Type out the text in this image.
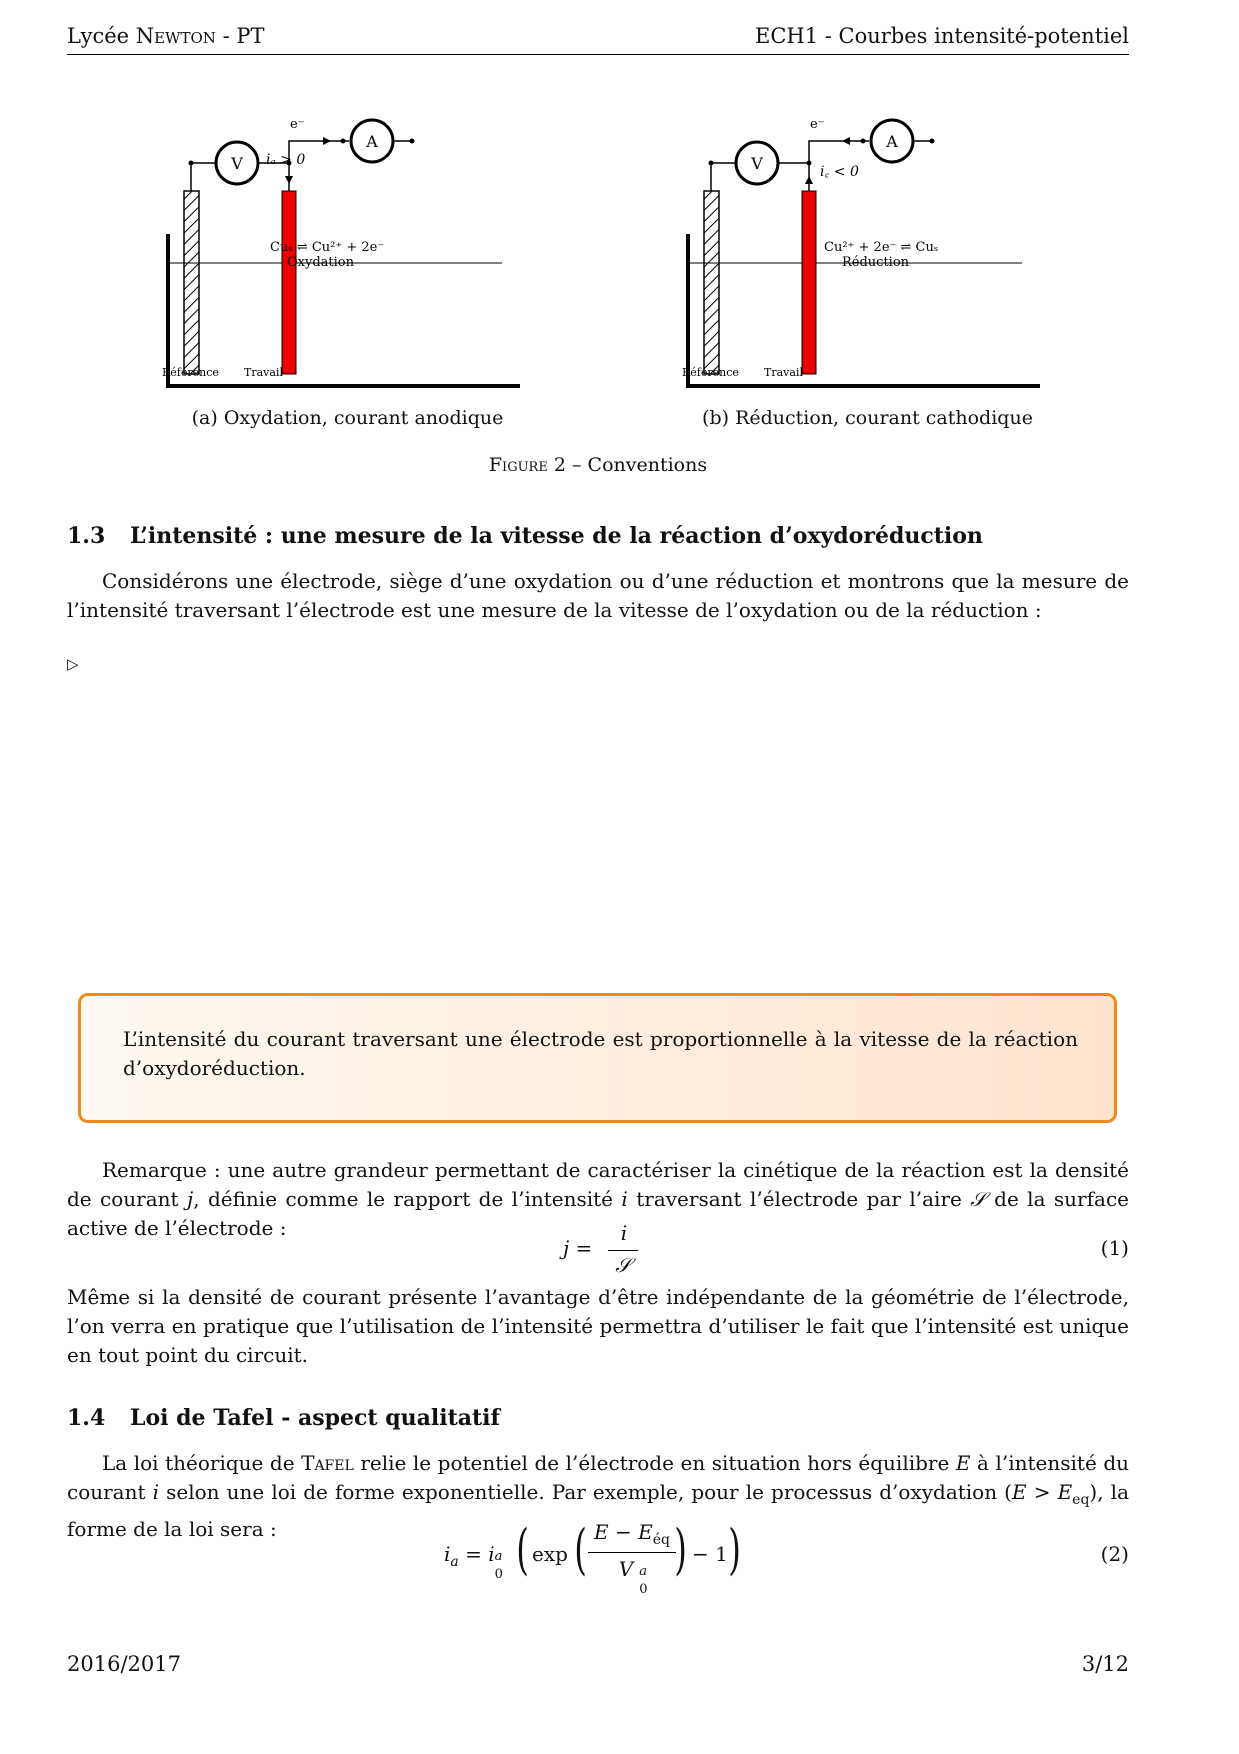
Lycée Newton - PT	ECH1 - Courbes intensité-potentiel
e⁻
V
A
iₐ > 0
Cuₛ ⇌ Cu²⁺ + 2e⁻
Oxydation
Référence Travail
(a) Oxydation, courant anodique
e⁻
V
A
i꜀ < 0
Cu²⁺ + 2e⁻ ⇌ Cuₛ
Réduction
Référence Travail
(b) Réduction, courant cathodique
Figure 2 – Conventions
1.3 L’intensité : une mesure de la vitesse de la réaction d’oxydoréduction
Considérons une électrode, siège d’une oxydation ou d’une réduction et montrons que la mesure de l’intensité traversant l’électrode est une mesure de la vitesse de l’oxydation ou de la réduction :
▷
L’intensité du courant traversant une électrode est proportionnelle à la vitesse de la réaction d’oxydoréduction.
Remarque : une autre grandeur permettant de caractériser la cinétique de la réaction est la densité de courant j, définie comme le rapport de l’intensité i traversant l’électrode par l’aire 𝒮 de la surface active de l’électrode :
j =
i
𝒮
(1)
Même si la densité de courant présente l’avantage d’être indépendante de la géométrie de l’électrode, l’on verra en pratique que l’utilisation de l’intensité permettra d’utiliser le fait que l’intensité est unique en tout point du circuit.
1.4 Loi de Tafel - aspect qualitatif
La loi théorique de Tafel relie le potentiel de l’électrode en situation hors équilibre E à l’intensité du courant i selon une loi de forme exponentielle. Par exemple, pour le processus d’oxydation $(E > E_{eq})$, la forme de la loi sera :
$i_a = i$ a
0 ( exp ( $E - E_{éq}$
V a
0
) − 1 )	(2)
2016/2017	3/12
